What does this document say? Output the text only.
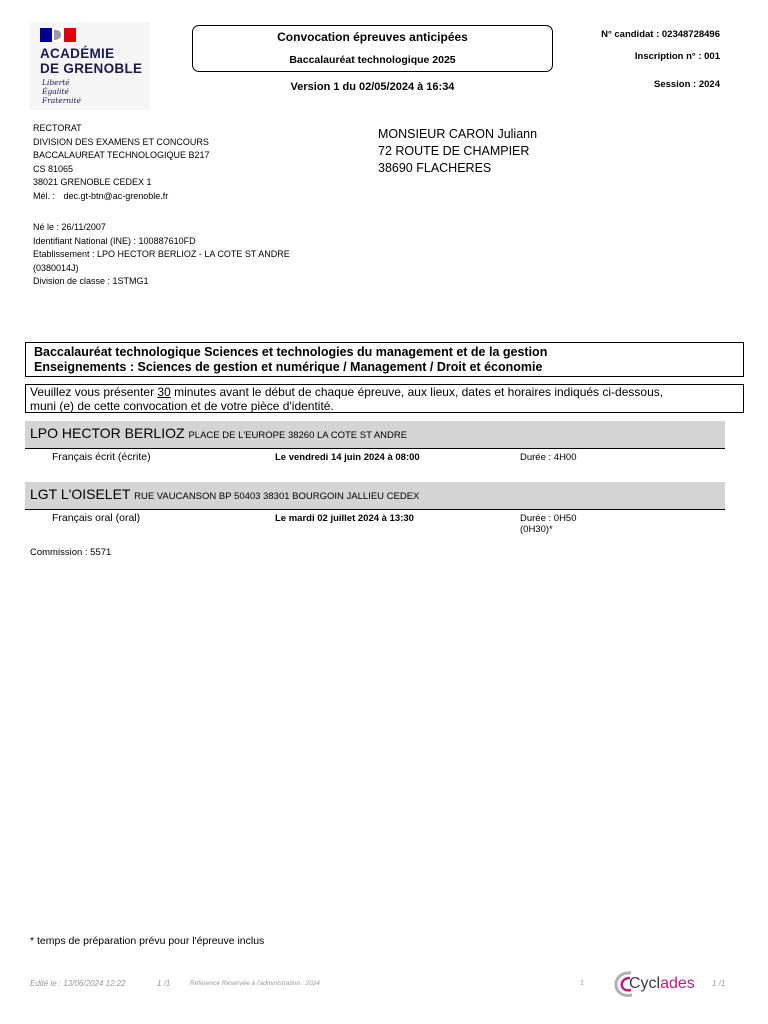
ACADÉMIE
DE GRENOBLE
Liberté
Égalité
Fraternité
Convocation épreuves anticipées
Baccalauréat technologique 2025
Version 1 du 02/05/2024 à 16:34
N° candidat : 02348728496
Inscription n° : 001
Session : 2024
RECTORAT
DIVISION DES EXAMENS ET CONCOURS
BACCALAUREAT TECHNOLOGIQUE B217
CS 81065
38021 GRENOBLE CEDEX 1
Mél. : dec.gt-btn@ac-grenoble.fr
MONSIEUR CARON Juliann
72 ROUTE DE CHAMPIER
38690 FLACHERES
Né le : 26/11/2007
Identifiant National (INE) : 100887610FD
Etablissement : LPO HECTOR BERLIOZ - LA COTE ST ANDRE
(0380014J)
Division de classe : 1STMG1
Baccalauréat technologique Sciences et technologies du management et de la gestion
Enseignements : Sciences de gestion et numérique / Management / Droit et économie
Veuillez vous présenter 30 minutes avant le début de chaque épreuve, aux lieux, dates et horaires indiqués ci-dessous,
muni (e) de cette convocation et de votre pièce d'identité.
LPO HECTOR BERLIOZ PLACE DE L'EUROPE 38260 LA COTE ST ANDRE
Français écrit (écrite)	Le vendredi 14 juin 2024 à 08:00	Durée : 4H00
LGT L'OISELET RUE VAUCANSON BP 50403 38301 BOURGOIN JALLIEU CEDEX
Français oral (oral)	Le mardi 02 juillet 2024 à 13:30	Durée : 0H50
(0H30)*
Commission : 5571
* temps de préparation prévu pour l'épreuve inclus
Edité le : 13/06/2024 12:22	1 /1	Référence Réservée à l'administration : 2024	1	Cyclades 1 /1
